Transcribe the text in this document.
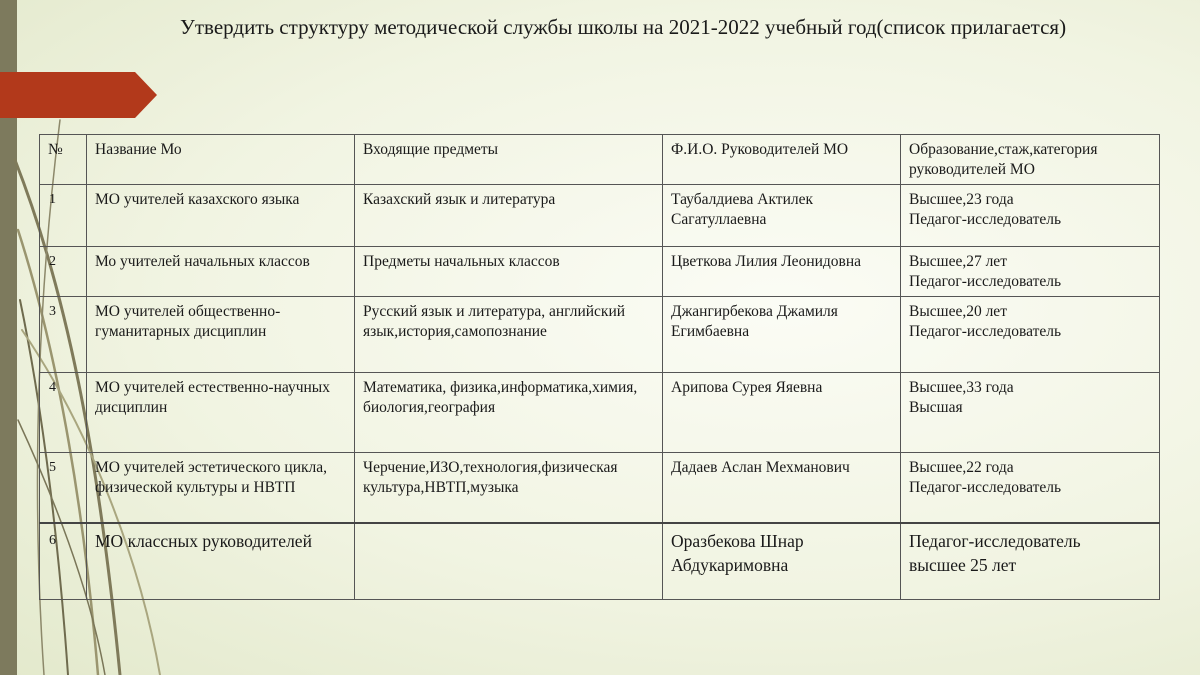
Утвердить структуру методической службы школы на 2021-2022 учебный год(список прилагается)
№	Название Мо	Входящие предметы	Ф.И.О. Руководителей МО	Образование,стаж,категория руководителей МО
1	МО учителей казахского языка	Казахский язык и литература	Таубалдиева Актилек Сагатуллаевна	Высшее,23 года
Педагог-исследователь

2	Мо учителей начальных классов	Предметы начальных классов	Цветкова Лилия Леонидовна	Высшее,27 лет
Педагог-исследователь

3	МО учителей общественно-гуманитарных дисциплин	Русский язык и литература, английский язык,история,самопознание	Джангирбекова Джамиля Егимбаевна	Высшее,20 лет
Педагог-исследователь

4	МО учителей естественно-научных дисциплин	Математика, физика,информатика,химия, биология,география	Арипова Сурея Яяевна	Высшее,33 года
Высшая

5	МО учителей эстетического цикла, физической культуры и НВТП	Черчение,ИЗО,технология,физическая культура,НВТП,музыка	Дадаев Аслан Мехманович	Высшее,22 года
Педагог-исследователь

6	МО классных руководителей		Оразбекова Шнар Абдукаримовна	Педагог-исследователь
высшее 25 лет
